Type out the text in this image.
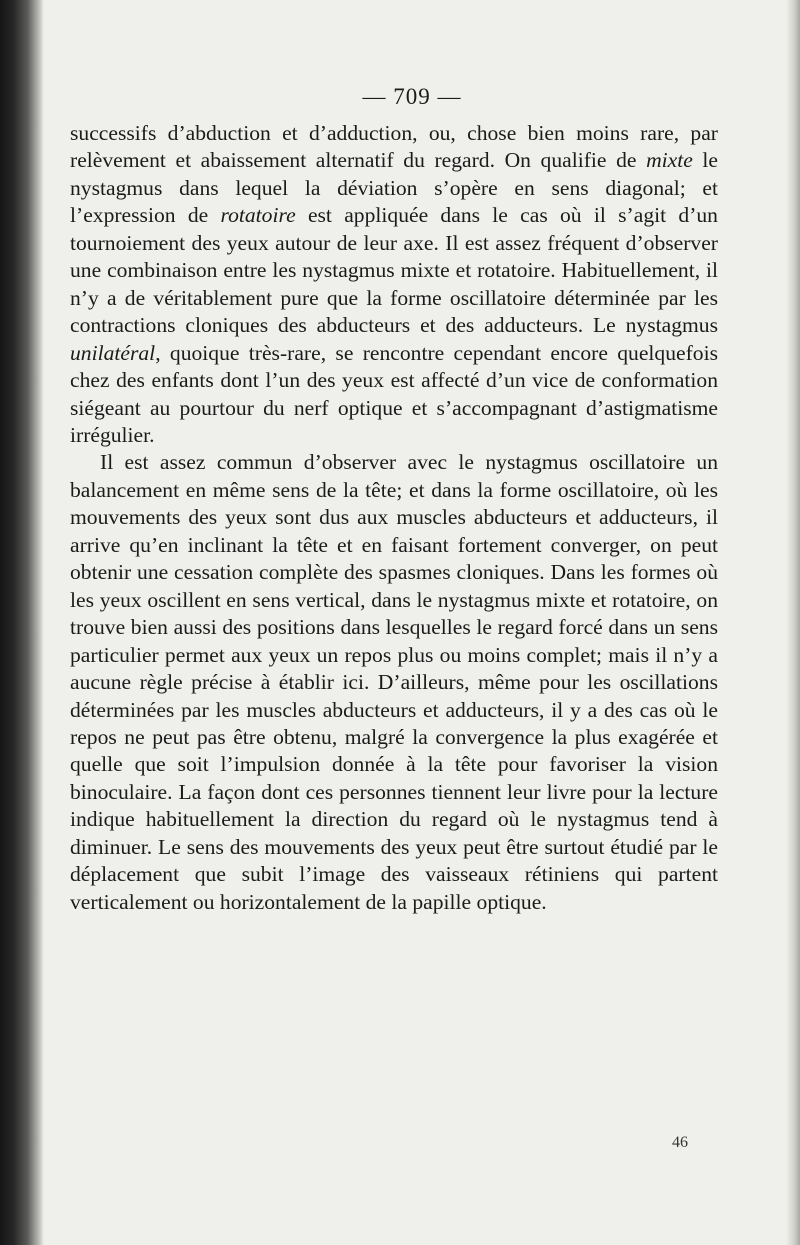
— 709 —

successifs d’abduction et d’adduction, ou, chose bien moins rare, par relèvement et abaissement alternatif du regard. On qualifie de mixte le nystagmus dans lequel la déviation s’opère en sens diagonal; et l’expression de rotatoire est appliquée dans le cas où il s’agit d’un tournoiement des yeux autour de leur axe. Il est assez fréquent d’observer une combinaison entre les nystagmus mixte et rotatoire. Habituellement, il n’y a de véritablement pure que la forme oscillatoire déterminée par les contractions cloniques des abducteurs et des adducteurs. Le nystagmus unilatéral, quoique très-rare, se rencontre cependant encore quelquefois chez des enfants dont l’un des yeux est affecté d’un vice de conformation siégeant au pourtour du nerf optique et s’accompagnant d’astigmatisme irrégulier.

Il est assez commun d’observer avec le nystagmus oscillatoire un balancement en même sens de la tête; et dans la forme oscillatoire, où les mouvements des yeux sont dus aux muscles abducteurs et adducteurs, il arrive qu’en inclinant la tête et en faisant fortement converger, on peut obtenir une cessation complète des spasmes cloniques. Dans les formes où les yeux oscillent en sens vertical, dans le nystagmus mixte et rotatoire, on trouve bien aussi des positions dans lesquelles le regard forcé dans un sens particulier permet aux yeux un repos plus ou moins complet; mais il n’y a aucune règle précise à établir ici. D’ailleurs, même pour les oscillations déterminées par les muscles abducteurs et adducteurs, il y a des cas où le repos ne peut pas être obtenu, malgré la convergence la plus exagérée et quelle que soit l’impulsion donnée à la tête pour favoriser la vision binoculaire. La façon dont ces personnes tiennent leur livre pour la lecture indique habituellement la direction du regard où le nystagmus tend à diminuer. Le sens des mouvements des yeux peut être surtout étudié par le déplacement que subit l’image des vaisseaux rétiniens qui partent verticalement ou horizontalement de la papille optique.

46
